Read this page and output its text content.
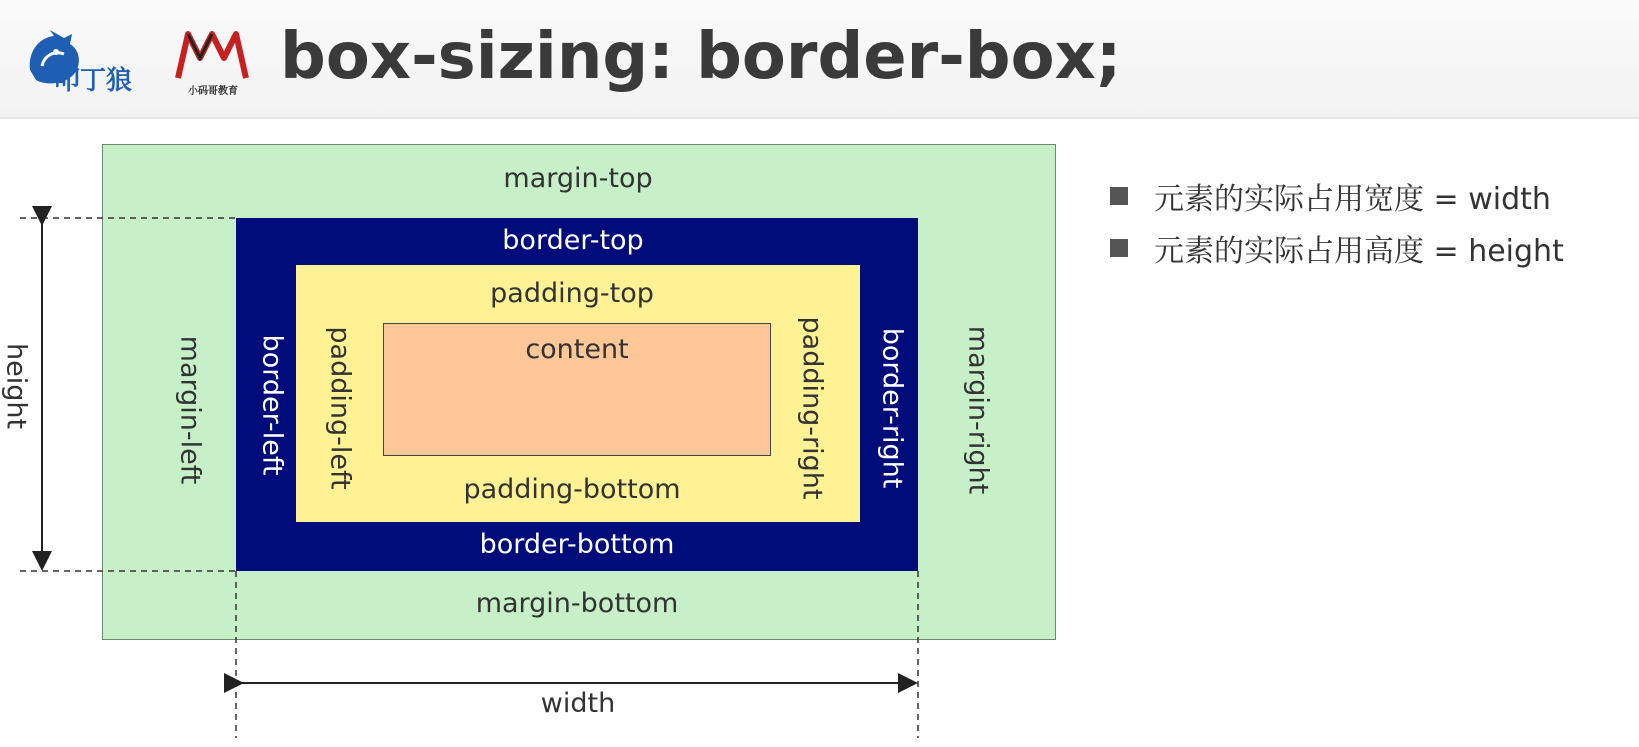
叩丁狼	小码哥教育 box-sizing: border-box;
margin-top
margin-bottom
margin-left	margin-right
border-top
border-bottom
border-left	border-right
padding-top
padding-bottom
padding-left	padding-right
content
height
width
元素的实际占用宽度 = width
元素的实际占用高度 = height
